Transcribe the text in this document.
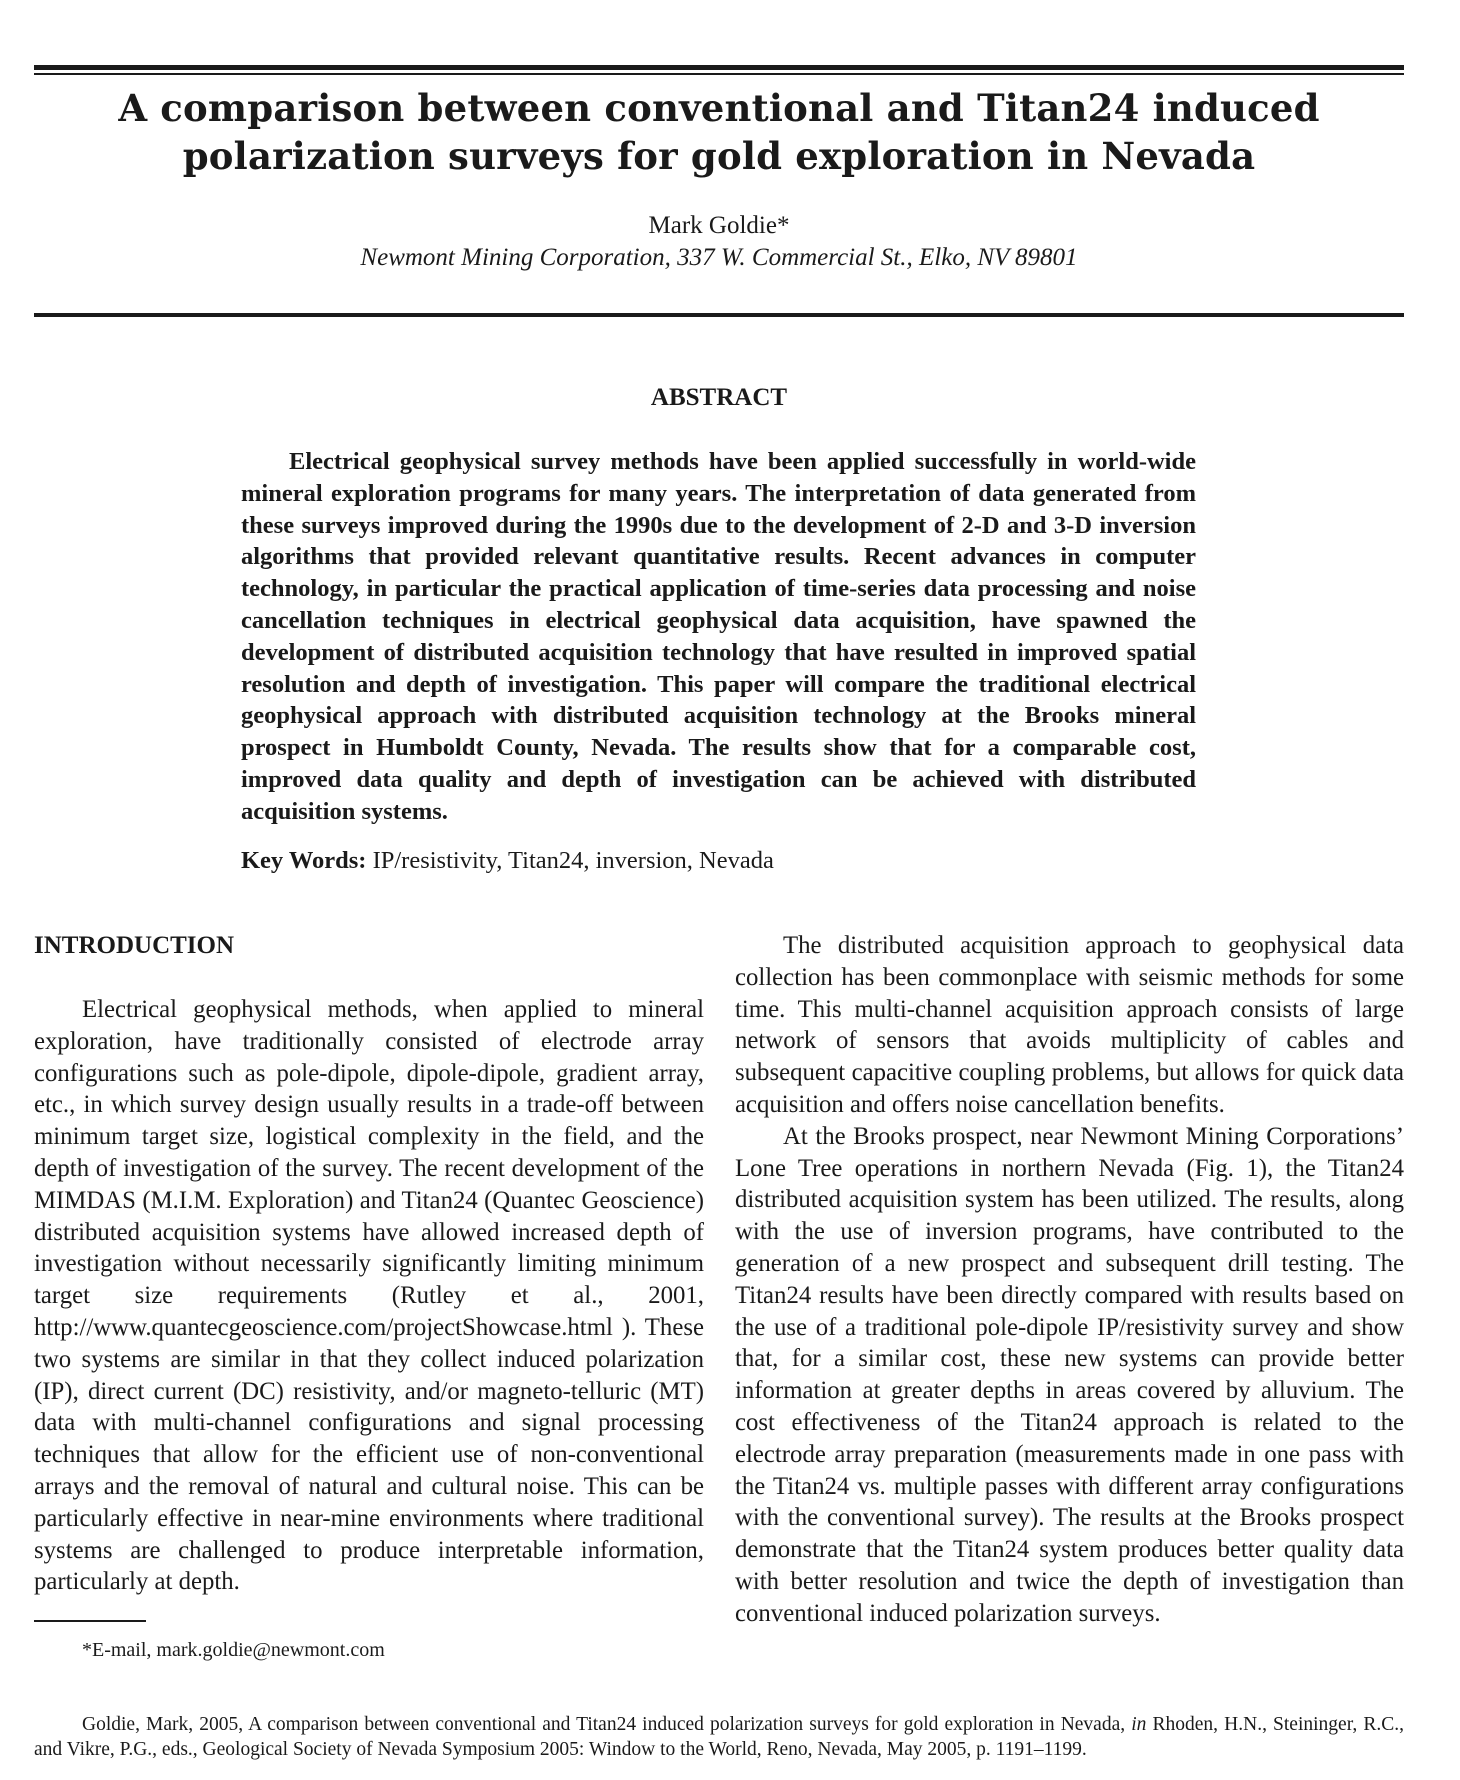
A comparison between conventional and Titan24 induced
polarization surveys for gold exploration in Nevada
Mark Goldie*
Newmont Mining Corporation, 337 W. Commercial St., Elko, NV 89801
ABSTRACT

Electrical geophysical survey methods have been applied successfully in world-wide mineral exploration programs for many years. The interpretation of data generated from these surveys improved during the 1990s due to the development of 2-D and 3-D inversion algorithms that provided relevant quantitative results. Recent advances in computer technology, in particular the practical application of time-series data processing and noise cancellation techniques in electrical geophysical data acquisition, have spawned the development of distributed acquisition technology that have resulted in improved spatial resolution and depth of investigation. This paper will compare the traditional electrical geophysical approach with distributed acquisition technology at the Brooks mineral prospect in Humboldt County, Nevada. The results show that for a comparable cost, improved data quality and depth of investigation can be achieved with distributed acquisition systems.

Key Words: IP/resistivity, Titan24, inversion, Nevada
INTRODUCTION

Electrical geophysical methods, when applied to mineral exploration, have traditionally consisted of electrode array configurations such as pole-dipole, dipole-dipole, gradient array, etc., in which survey design usually results in a trade-off between minimum target size, logistical complexity in the field, and the depth of investigation of the survey. The recent development of the MIMDAS (M.I.M. Exploration) and Titan24 (Quantec Geoscience) distributed acquisition systems have allowed increased depth of investigation without necessarily significantly limiting minimum target size requirements (Rutley et al., 2001, http://www.quantecgeoscience.com/projectShowcase.html ). These two systems are similar in that they collect induced polarization (IP), direct current (DC) resistivity, and/or magneto-telluric (MT) data with multi-channel configurations and signal processing techniques that allow for the efficient use of non-conventional arrays and the removal of natural and cultural noise. This can be particularly effective in near-mine environments where traditional systems are challenged to produce interpretable information, particularly at depth.

The distributed acquisition approach to geophysical data collection has been commonplace with seismic methods for some time. This multi-channel acquisition approach consists of large network of sensors that avoids multiplicity of cables and subsequent capacitive coupling problems, but allows for quick data acquisition and offers noise cancellation benefits.

At the Brooks prospect, near Newmont Mining Corporations’ Lone Tree operations in northern Nevada (Fig. 1), the Titan24 distributed acquisition system has been utilized. The results, along with the use of inversion programs, have contributed to the generation of a new prospect and subsequent drill testing. The Titan24 results have been directly compared with results based on the use of a traditional pole-dipole IP/resistivity survey and show that, for a similar cost, these new systems can provide better information at greater depths in areas covered by alluvium. The cost effectiveness of the Titan24 approach is related to the electrode array preparation (measurements made in one pass with the Titan24 vs. multiple passes with different array configurations with the conventional survey). The results at the Brooks prospect demonstrate that the Titan24 system produces better quality data with better resolution and twice the depth of investigation than conventional induced polarization surveys.

*E-mail, mark.goldie@newmont.com

Goldie, Mark, 2005, A comparison between conventional and Titan24 induced polarization surveys for gold exploration in Nevada, in Rhoden, H.N., Steininger, R.C., and Vikre, P.G., eds., Geological Society of Nevada Symposium 2005: Window to the World, Reno, Nevada, May 2005, p. 1191–1199.
